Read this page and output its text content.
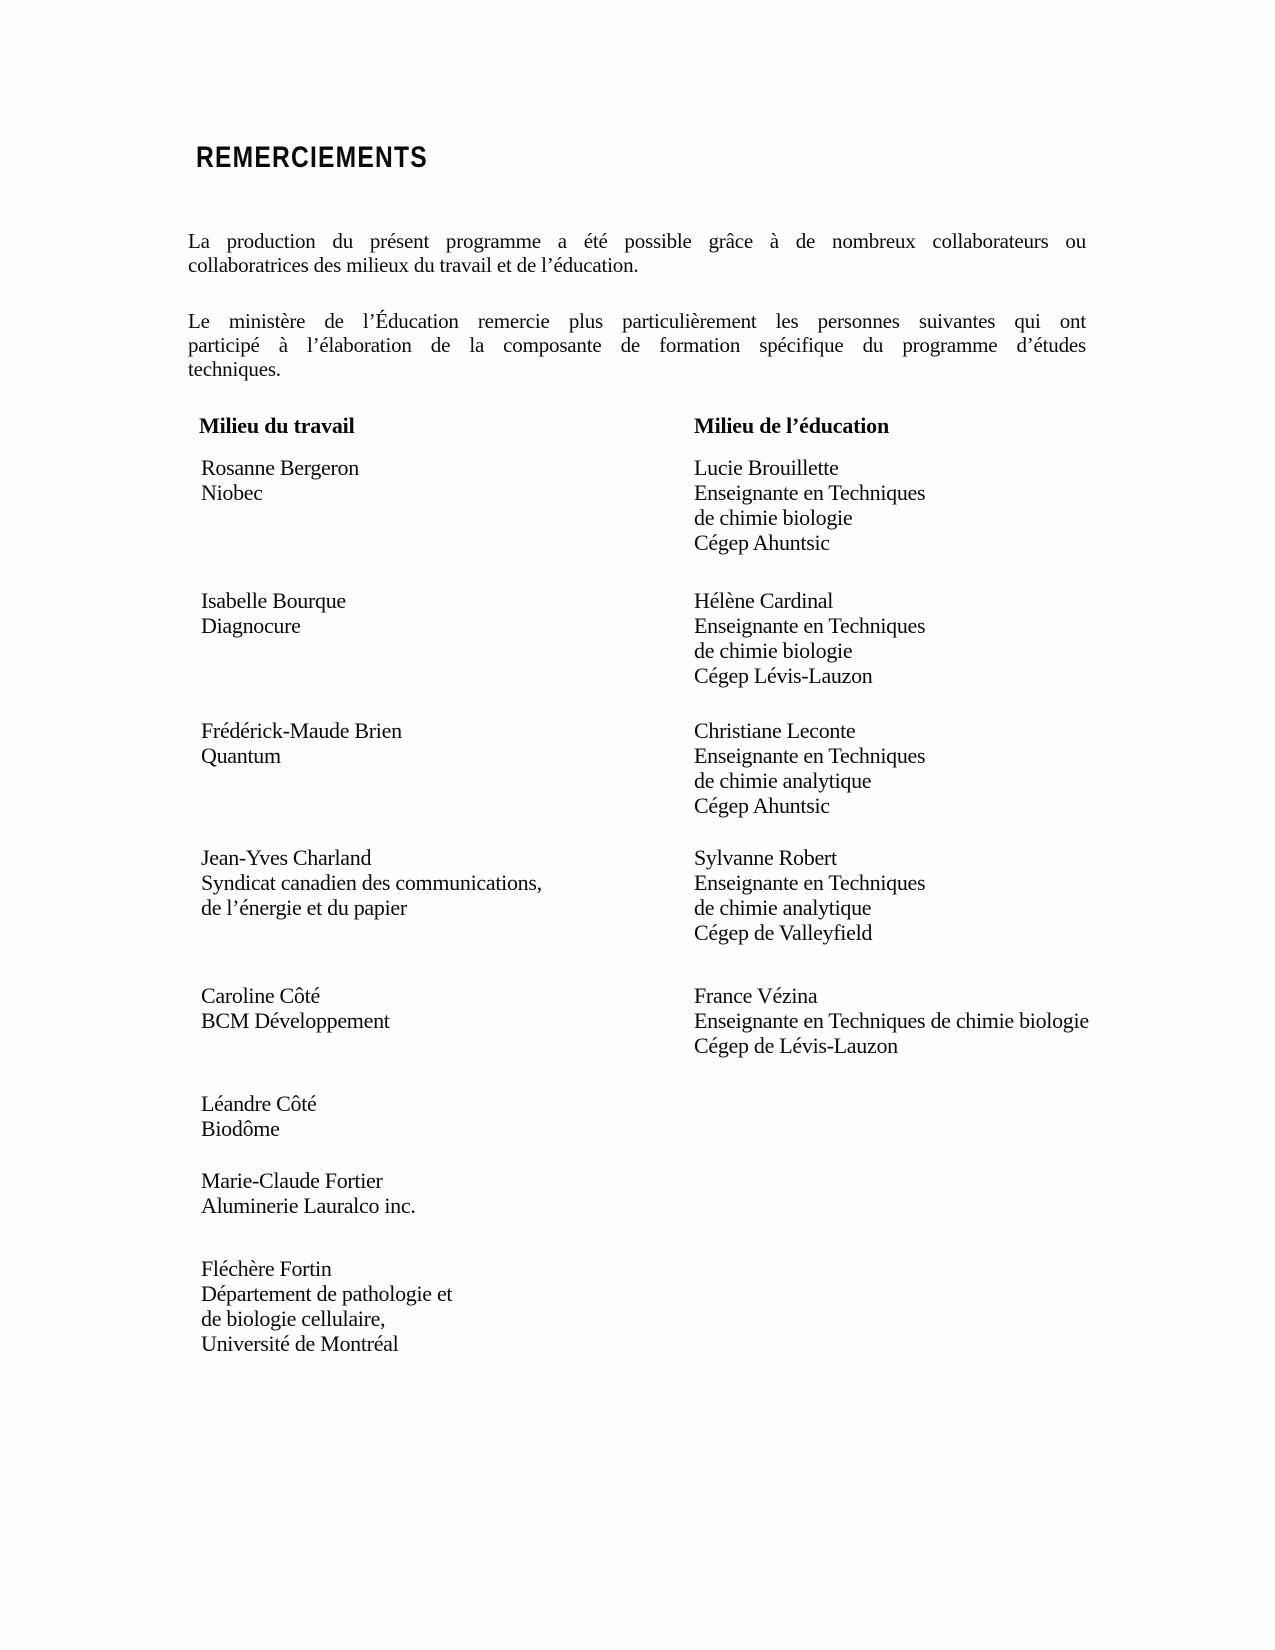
REMERCIEMENTS
La production du présent programme a été possible grâce à de nombreux collaborateurs ou
collaboratrices des milieux du travail et de l’éducation.
Le ministère de l’Éducation remercie plus particulièrement les personnes suivantes qui ont
participé à l’élaboration de la composante de formation spécifique du programme d’études
techniques.
Milieu du travail	Milieu de l’éducation
Rosanne Bergeron
Niobec
Isabelle Bourque
Diagnocure
Frédérick-Maude Brien
Quantum
Jean-Yves Charland
Syndicat canadien des communications,
de l’énergie et du papier
Caroline Côté
BCM Développement
Léandre Côté
Biodôme
Marie-Claude Fortier
Aluminerie Lauralco inc.
Fléchère Fortin
Département de pathologie et
de biologie cellulaire,
Université de Montréal
Lucie Brouillette
Enseignante en Techniques
de chimie biologie
Cégep Ahuntsic
Hélène Cardinal
Enseignante en Techniques
de chimie biologie
Cégep Lévis-Lauzon
Christiane Leconte
Enseignante en Techniques
de chimie analytique
Cégep Ahuntsic
Sylvanne Robert
Enseignante en Techniques
de chimie analytique
Cégep de Valleyfield
France Vézina
Enseignante en Techniques de chimie biologie
Cégep de Lévis-Lauzon
